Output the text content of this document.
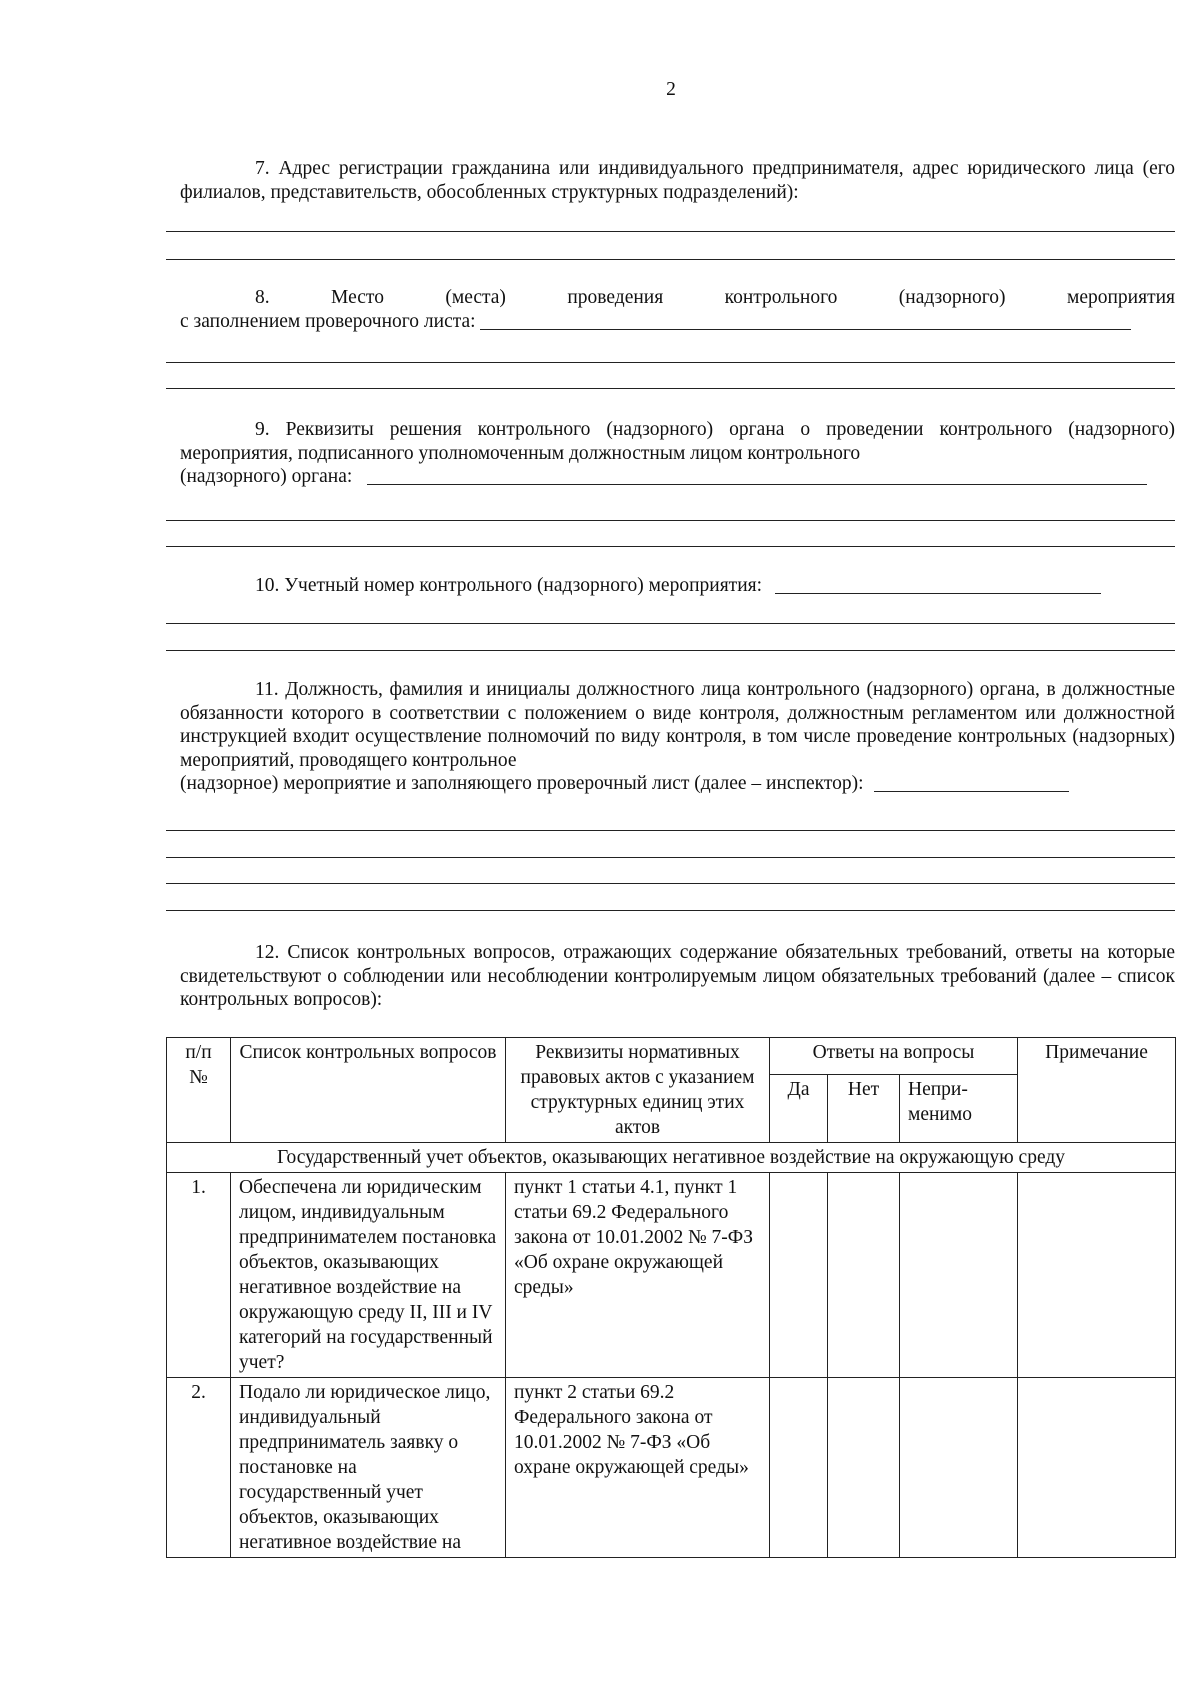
2
7. Адрес регистрации гражданина или индивидуального предпринимателя, адрес юридического лица (его филиалов, представительств, обособленных структурных подразделений):
8.	Место	(места)	проведения	контрольного	(надзорного)	мероприятия
с заполнением проверочного листа:
9. Реквизиты решения контрольного (надзорного) органа о проведении контрольного (надзорного) мероприятия, подписанного уполномоченным должностным лицом контрольного
(надзорного) органа:
10. Учетный номер контрольного (надзорного) мероприятия:
11. Должность, фамилия и инициалы должностного лица контрольного (надзорного) органа, в должностные обязанности которого в соответствии с положением о виде контроля, должностным регламентом или должностной инструкцией входит осуществление полномочий по виду контроля, в том числе проведение контрольных (надзорных) мероприятий, проводящего контрольное
(надзорное) мероприятие и заполняющего проверочный лист (далее – инспектор):
12. Список контрольных вопросов, отражающих содержание обязательных требований, ответы на которые свидетельствуют о соблюдении или несоблюдении контролируемым лицом обязательных требований (далее – список контрольных вопросов):
п/п №	Список контрольных вопросов	Реквизиты нормативных правовых актов с указанием структурных единиц этих актов	Ответы на вопросы			Примечание
			Да	Нет	Непри-менимо	
Государственный учет объектов, оказывающих негативное воздействие на окружающую среду						
1.	Обеспечена ли юридическим лицом, индивидуальным предпринимателем постановка объектов, оказывающих негативное воздействие на окружающую среду II, III и IV категорий на государственный учет?	пункт 1 статьи 4.1, пункт 1 статьи 69.2 Федерального закона от 10.01.2002 № 7-ФЗ «Об охране окружающей среды»				
2.	Подало ли юридическое лицо, индивидуальный предприниматель заявку о постановке на государственный учет объектов, оказывающих негативное воздействие на	пункт 2 статьи 69.2 Федерального закона от 10.01.2002 № 7-ФЗ «Об охране окружающей среды»				
